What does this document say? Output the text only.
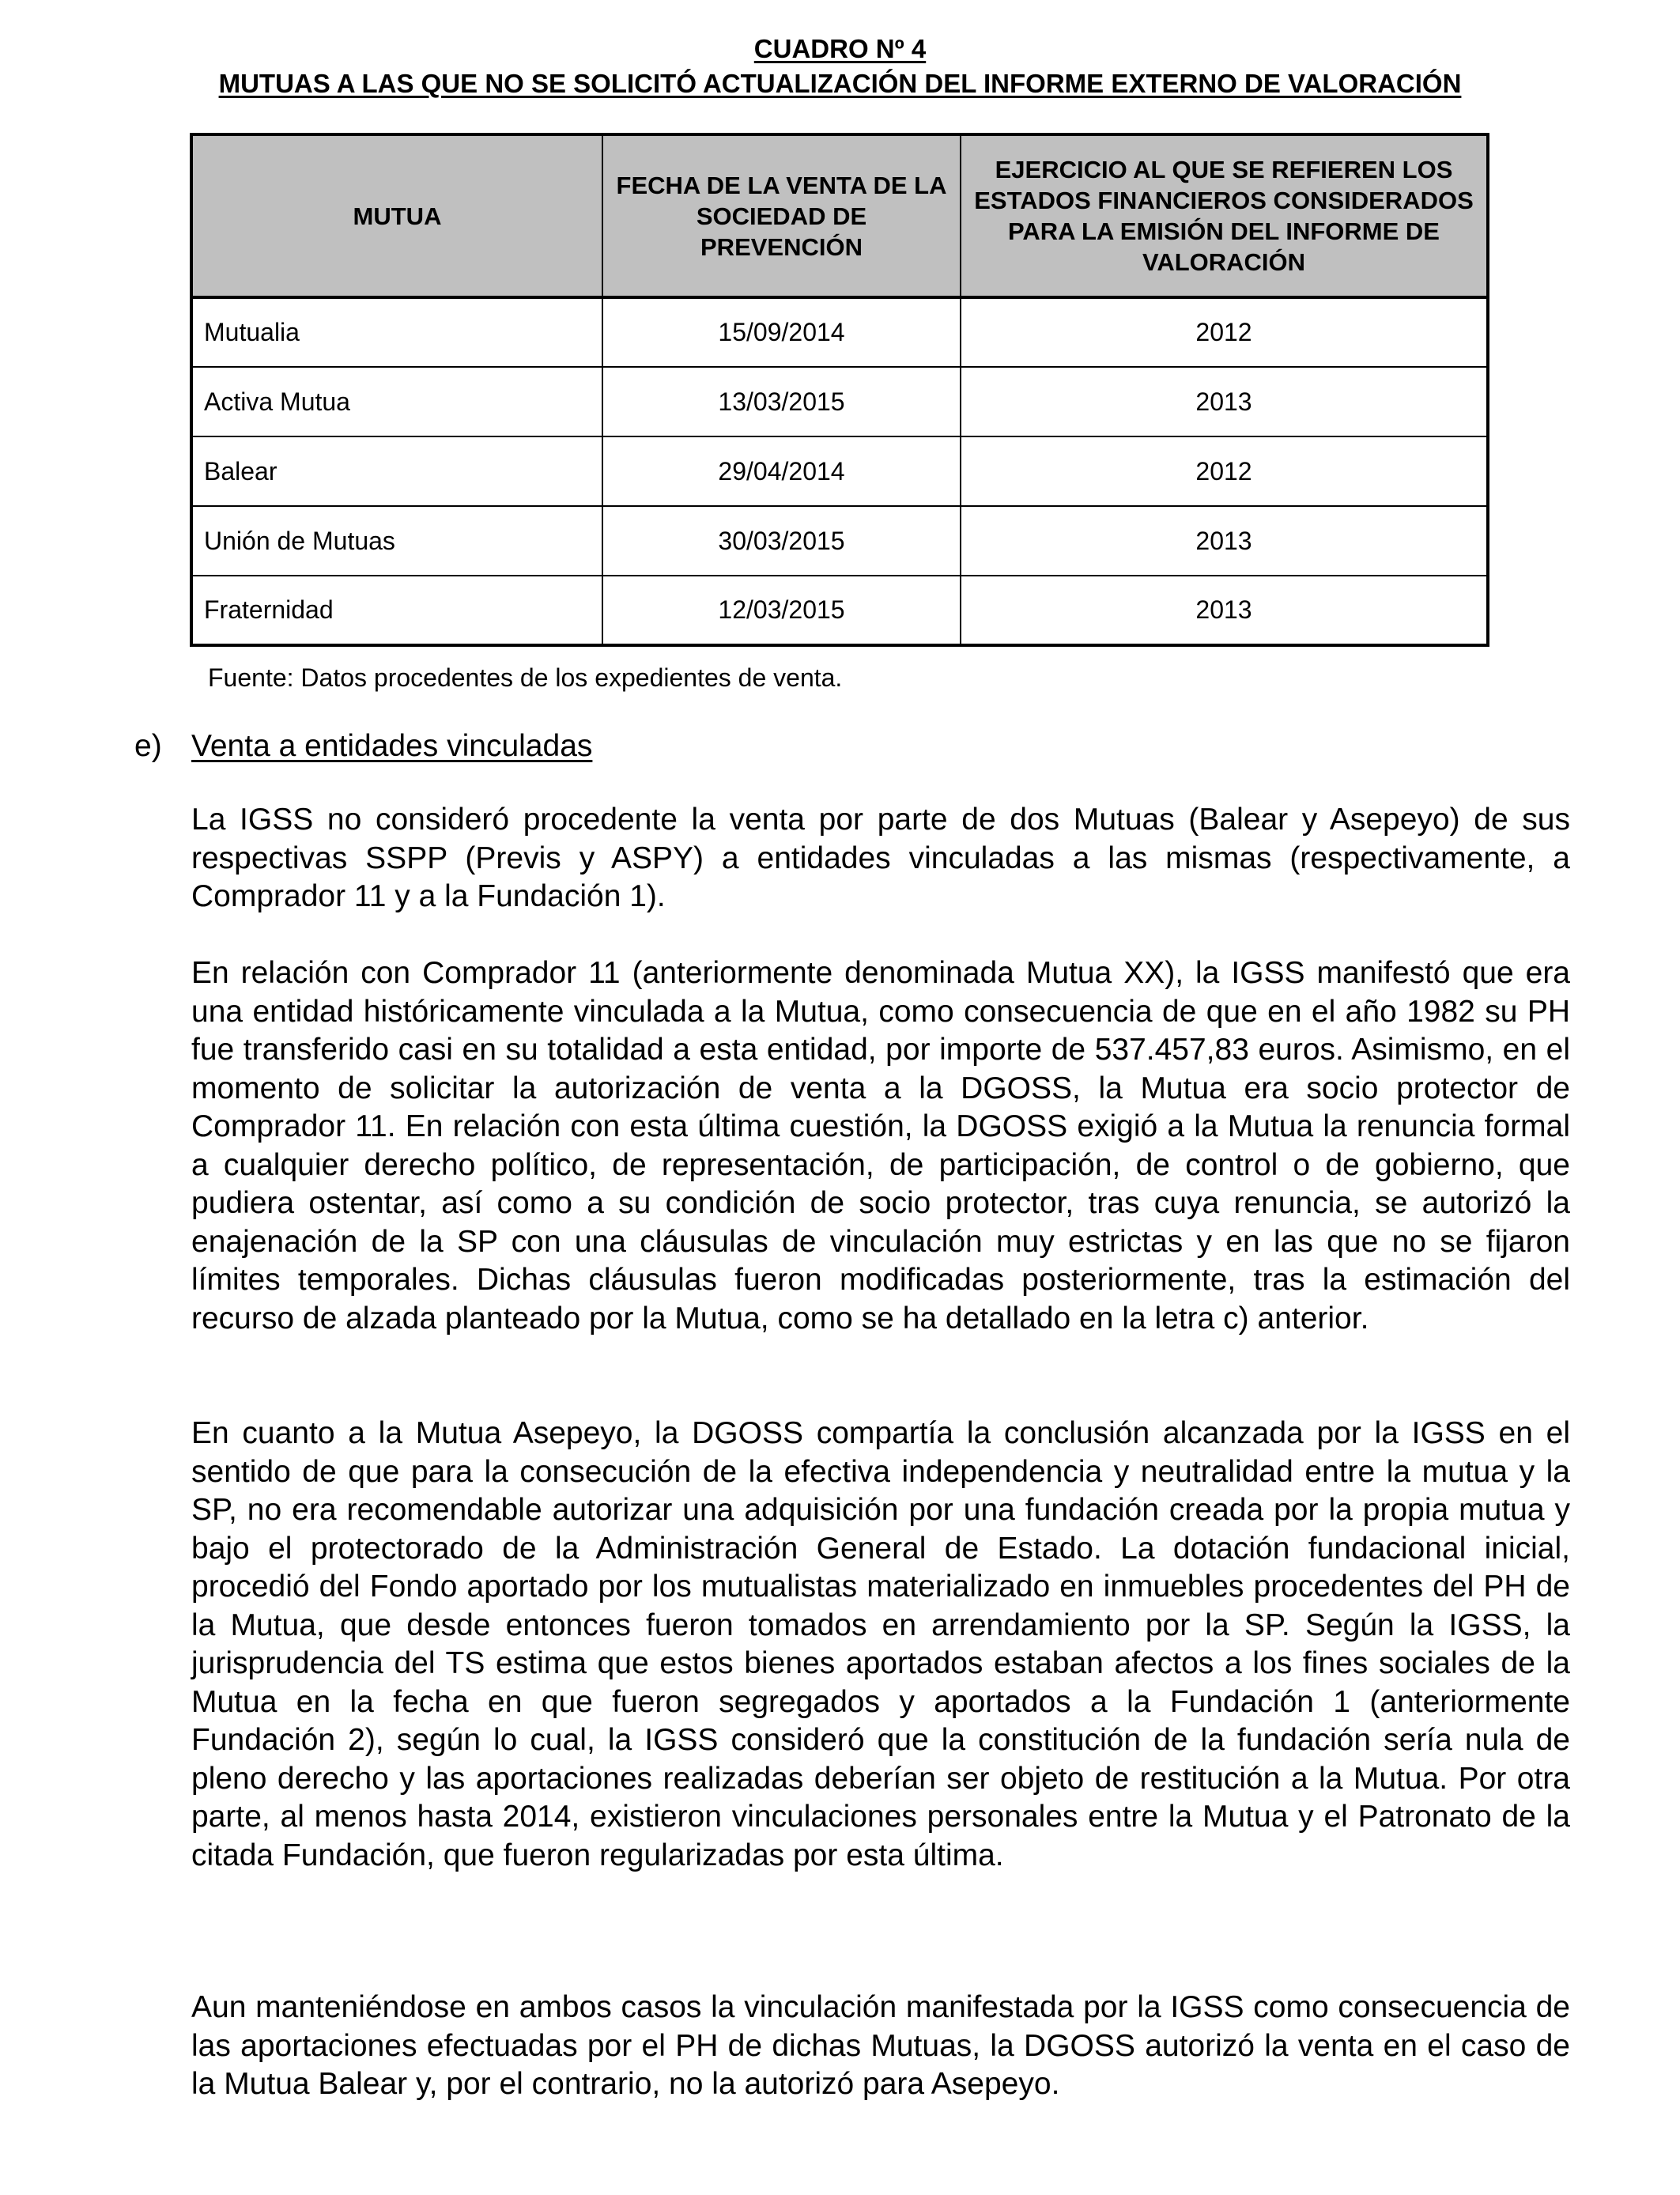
CUADRO Nº 4

MUTUAS A LAS QUE NO SE SOLICITÓ ACTUALIZACIÓN DEL INFORME EXTERNO DE VALORACIÓN

MUTUA	FECHA DE LA VENTA DE LA SOCIEDAD DE PREVENCIÓN	EJERCICIO AL QUE SE REFIEREN LOS ESTADOS FINANCIEROS CONSIDERADOS PARA LA EMISIÓN DEL INFORME DE VALORACIÓN
Mutualia	15/09/2014	2012
Activa Mutua	13/03/2015	2013
Balear	29/04/2014	2012
Unión de Mutuas	30/03/2015	2013
Fraternidad	12/03/2015	2013

Fuente: Datos procedentes de los expedientes de venta.

e) Venta a entidades vinculadas

La IGSS no consideró procedente la venta por parte de dos Mutuas (Balear y Asepeyo) de sus respectivas SSPP (Previs y ASPY) a entidades vinculadas a las mismas (respectivamente, a Comprador 11 y a la Fundación 1).

En relación con Comprador 11 (anteriormente denominada Mutua XX), la IGSS manifestó que era una entidad históricamente vinculada a la Mutua, como consecuencia de que en el año 1982 su PH fue transferido casi en su totalidad a esta entidad, por importe de 537.457,83 euros. Asimismo, en el momento de solicitar la autorización de venta a la DGOSS, la Mutua era socio protector de Comprador 11. En relación con esta última cuestión, la DGOSS exigió a la Mutua la renuncia formal a cualquier derecho político, de representación, de participación, de control o de gobierno, que pudiera ostentar, así como a su condición de socio protector, tras cuya renuncia, se autorizó la enajenación de la SP con una cláusulas de vinculación muy estrictas y en las que no se fijaron límites temporales. Dichas cláusulas fueron modificadas posteriormente, tras la estimación del recurso de alzada planteado por la Mutua, como se ha detallado en la letra c) anterior.

En cuanto a la Mutua Asepeyo, la DGOSS compartía la conclusión alcanzada por la IGSS en el sentido de que para la consecución de la efectiva independencia y neutralidad entre la mutua y la SP, no era recomendable autorizar una adquisición por una fundación creada por la propia mutua y bajo el protectorado de la Administración General de Estado. La dotación fundacional inicial, procedió del Fondo aportado por los mutualistas materializado en inmuebles procedentes del PH de la Mutua, que desde entonces fueron tomados en arrendamiento por la SP. Según la IGSS, la jurisprudencia del TS estima que estos bienes aportados estaban afectos a los fines sociales de la Mutua en la fecha en que fueron segregados y aportados a la Fundación 1 (anteriormente Fundación 2), según lo cual, la IGSS consideró que la constitución de la fundación sería nula de pleno derecho y las aportaciones realizadas deberían ser objeto de restitución a la Mutua. Por otra parte, al menos hasta 2014, existieron vinculaciones personales entre la Mutua y el Patronato de la citada Fundación, que fueron regularizadas por esta última.

Aun manteniéndose en ambos casos la vinculación manifestada por la IGSS como consecuencia de las aportaciones efectuadas por el PH de dichas Mutuas, la DGOSS autorizó la venta en el caso de la Mutua Balear y, por el contrario, no la autorizó para Asepeyo.
